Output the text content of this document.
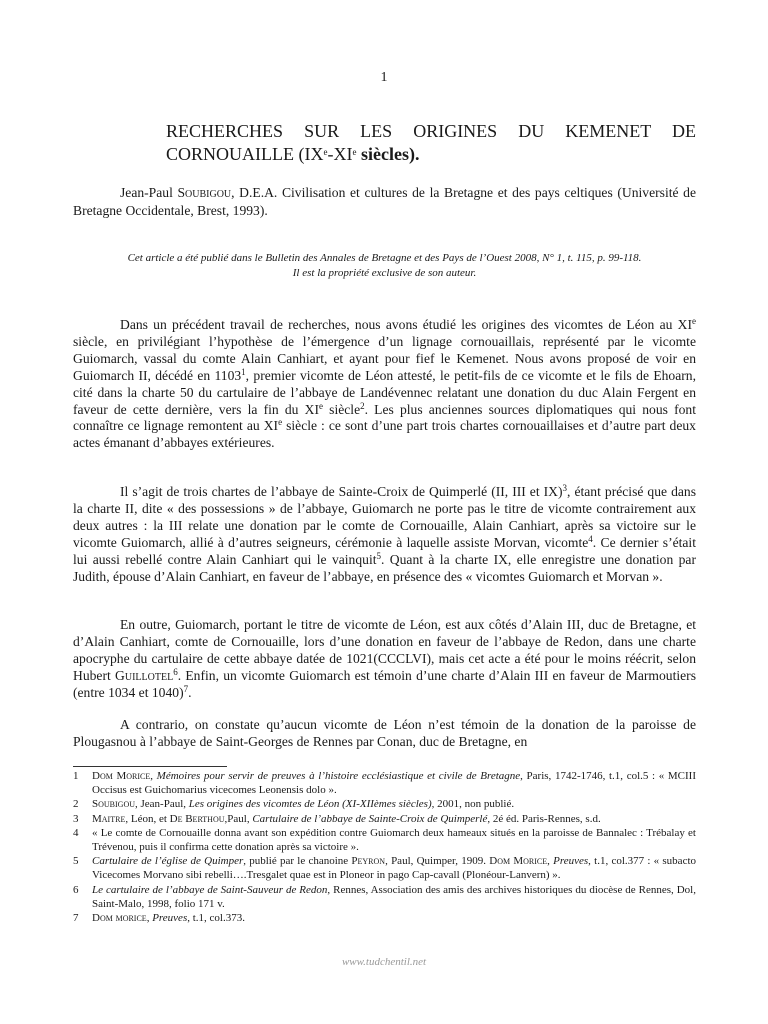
1
RECHERCHES SUR LES ORIGINES DU KEMENET DE CORNOUAILLE (IXe-XIe siècles).

Jean-Paul Soubigou, D.E.A. Civilisation et cultures de la Bretagne et des pays celtiques (Université de Bretagne Occidentale, Brest, 1993).

Cet article a été publié dans le Bulletin des Annales de Bretagne et des Pays de l’Ouest 2008, N° 1, t. 115, p. 99-118.
Il est la propriété exclusive de son auteur.

Dans un précédent travail de recherches, nous avons étudié les origines des vicomtes de Léon au XIe siècle, en privilégiant l’hypothèse de l’émergence d’un lignage cornouaillais, représenté par le vicomte Guiomarch, vassal du comte Alain Canhiart, et ayant pour fief le Kemenet. Nous avons proposé de voir en Guiomarch II, décédé en 1103$^1$, premier vicomte de Léon attesté, le petit-fils de ce vicomte et le fils de Ehoarn, cité dans la charte 50 du cartulaire de l’abbaye de Landévennec relatant une donation du duc Alain Fergent en faveur de cette dernière, vers la fin du XIe siècle$^2$. Les plus anciennes sources diplomatiques qui nous font connaître ce lignage remontent au XIe siècle : ce sont d’une part trois chartes cornouaillaises et d’autre part deux actes émanant d’abbayes extérieures.

Il s’agit de trois chartes de l’abbaye de Sainte-Croix de Quimperlé (II, III et IX)$^3$, étant précisé que dans la charte II, dite « des possessions » de l’abbaye, Guiomarch ne porte pas le titre de vicomte contrairement aux deux autres : la III relate une donation par le comte de Cornouaille, Alain Canhiart, après sa victoire sur le vicomte Guiomarch, allié à d’autres seigneurs, cérémonie à laquelle assiste Morvan, vicomte$^4$. Ce dernier s’était lui aussi rebellé contre Alain Canhiart qui le vainquit$^5$. Quant à la charte IX, elle enregistre une donation par Judith, épouse d’Alain Canhiart, en faveur de l’abbaye, en présence des « vicomtes Guiomarch et Morvan ».

En outre, Guiomarch, portant le titre de vicomte de Léon, est aux côtés d’Alain III, duc de Bretagne, et d’Alain Canhiart, comte de Cornouaille, lors d’une donation en faveur de l’abbaye de Redon, dans une charte apocryphe du cartulaire de cette abbaye datée de 1021(CCCLVI), mais cet acte a été pour le moins réécrit, selon Hubert Guillotel$^6$. Enfin, un vicomte Guiomarch est témoin d’une charte d’Alain III en faveur de Marmoutiers (entre 1034 et 1040)$^7$.

A contrario, on constate qu’aucun vicomte de Léon n’est témoin de la donation de la paroisse de Plougasnou à l’abbaye de Saint-Georges de Rennes par Conan, duc de Bretagne, en

1 Dom Morice, Mémoires pour servir de preuves à l’histoire ecclésiastique et civile de Bretagne, Paris, 1742-1746, t.1, col.5 : « MCIII Occisus est Guichomarius vicecomes Leonensis dolo ».
2 Soubigou, Jean-Paul, Les origines des vicomtes de Léon (XI-XIIèmes siècles), 2001, non publié.
3 Maitre, Léon, et De Berthou,Paul, Cartulaire de l’abbaye de Sainte-Croix de Quimperlé, 2é éd. Paris-Rennes, s.d.
4 « Le comte de Cornouaille donna avant son expédition contre Guiomarch deux hameaux situés en la paroisse de Bannalec : Trébalay et Trévenou, puis il confirma cette donation après sa victoire ».
5 Cartulaire de l’église de Quimper, publié par le chanoine Peyron, Paul, Quimper, 1909. Dom Morice, Preuves, t.1, col.377 : « subacto Vicecomes Morvano sibi rebelli….Tresgalet quae est in Ploneor in pago Cap-cavall (Plonéour-Lanvern) ».
6 Le cartulaire de l’abbaye de Saint-Sauveur de Redon, Rennes, Association des amis des archives historiques du diocèse de Rennes, Dol, Saint-Malo, 1998, folio 171 v.
7 Dom morice, Preuves, t.1, col.373.
www.tudchentil.net
